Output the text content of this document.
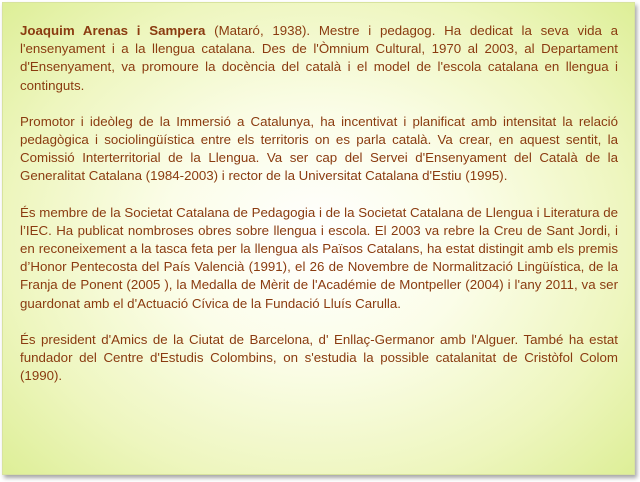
Joaquim Arenas i Sampera (Mataró, 1938). Mestre i pedagog. Ha dedicat la seva vida a l'ensenyament i a la llengua catalana. Des de l'Òmnium Cultural, 1970 al 2003, al Departament d'Ensenyament, va promoure la docència del català i el model de l'escola catalana en llengua i continguts.

Promotor i ideòleg de la Immersió a Catalunya, ha incentivat i planificat amb intensitat la relació pedagògica i sociolingüística entre els territoris on es parla català. Va crear, en aquest sentit, la Comissió Interterritorial de la Llengua. Va ser cap del Servei d'Ensenyament del Català de la Generalitat Catalana (1984-2003) i rector de la Universitat Catalana d'Estiu (1995).

És membre de la Societat Catalana de Pedagogia i de la Societat Catalana de Llengua i Literatura de l’IEC. Ha publicat nombroses obres sobre llengua i escola. El 2003 va rebre la Creu de Sant Jordi, i en reconeixement a la tasca feta per la llengua als Països Catalans, ha estat distingit amb els premis d’Honor Pentecosta del País Valencià (1991), el 26 de Novembre de Normalització Lingüística, de la Franja de Ponent (2005 ), la Medalla de Mèrit de l'Académie de Montpeller (2004) i l'any 2011, va ser guardonat amb el d'Actuació Cívica de la Fundació Lluís Carulla.

És president d'Amics de la Ciutat de Barcelona, d' Enllaç-Germanor amb l'Alguer. També ha estat fundador del Centre d'Estudis Colombins, on s'estudia la possible catalanitat de Cristòfol Colom (1990).
